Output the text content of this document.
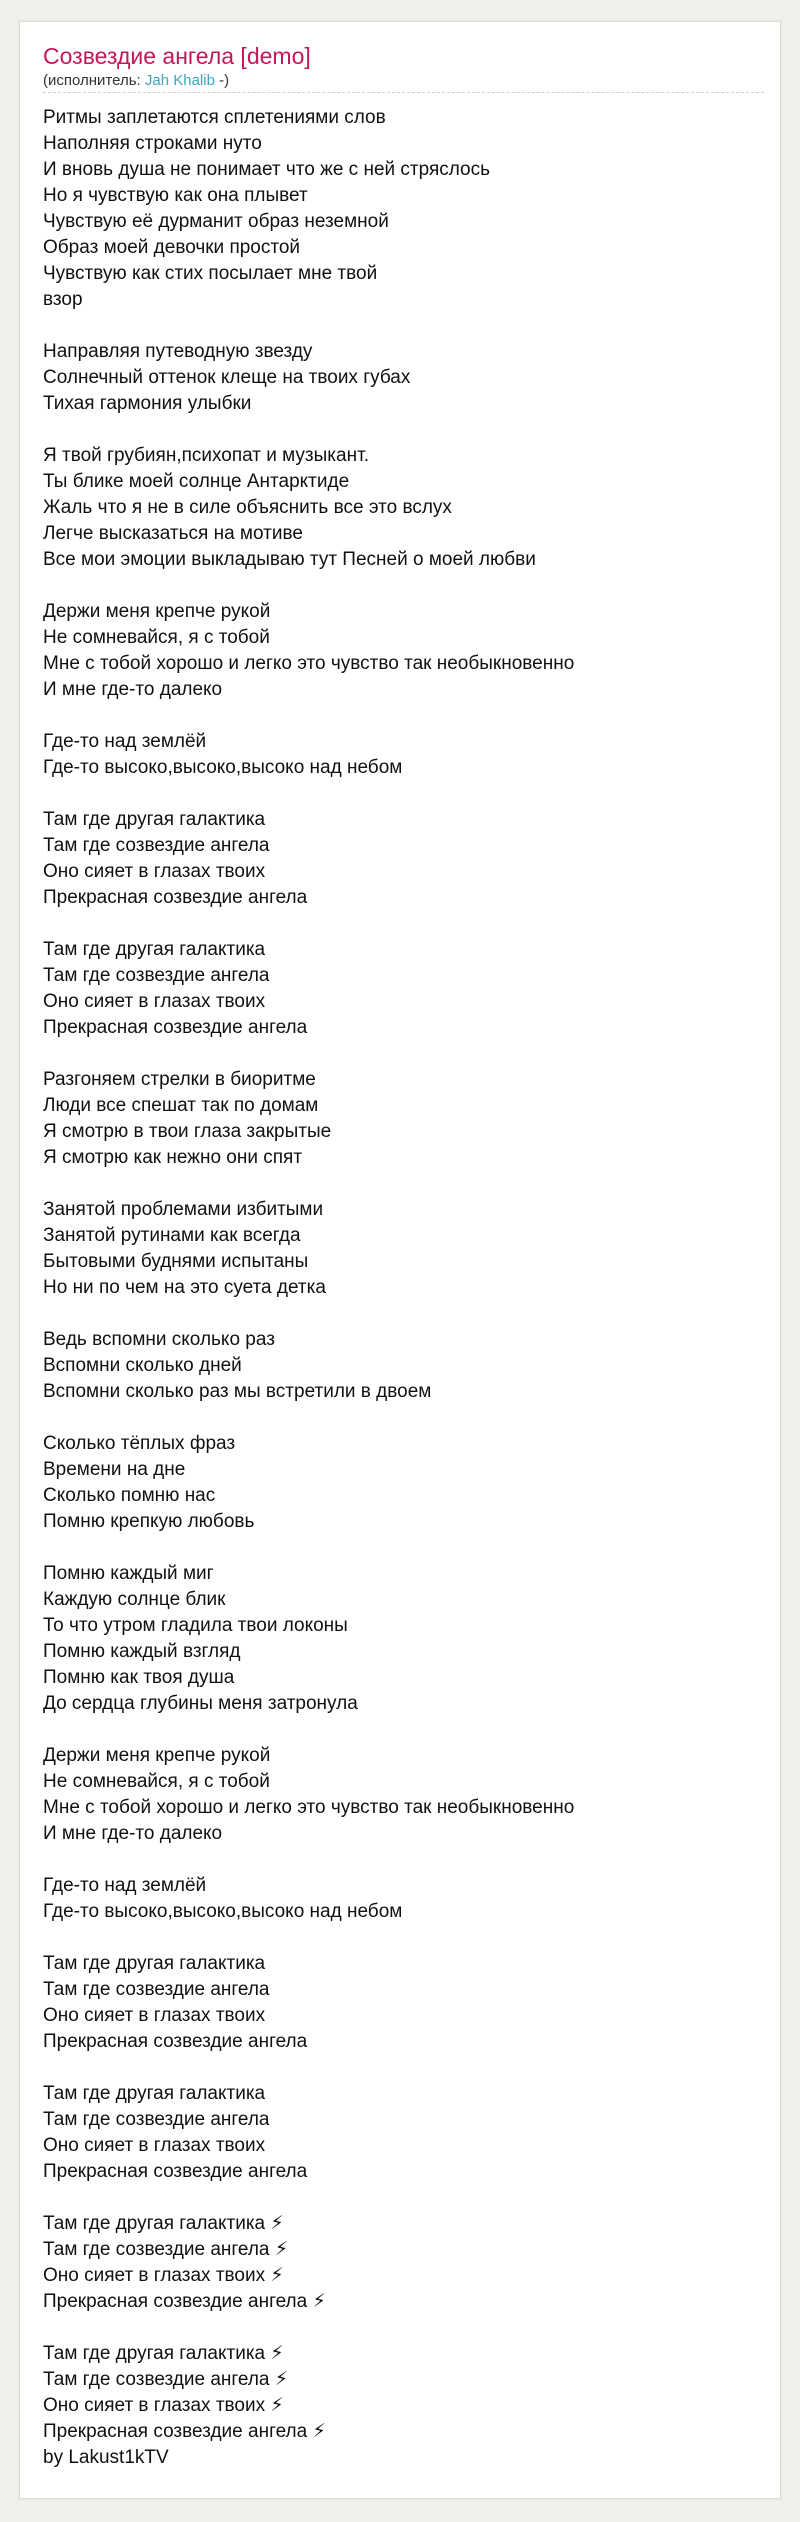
Созвездие ангела [demo]
(исполнитель: Jah Khalib -)
Ритмы заплетаются сплетениями слов
Наполняя строками нуто
И вновь душа не понимает что же с ней стряслось
Но я чувствую как она плывет
Чувствую её дурманит образ неземной
Образ моей девочки простой
Чувствую как стих посылает мне твой
взор
Направляя путеводную звезду
Солнечный оттенок клеще на твоих губах
Тихая гармония улыбки
Я твой грубиян,психопат и музыкант.
Ты блике моей солнце Антарктиде
Жаль что я не в силе объяснить все это вслух
Легче высказаться на мотиве
Все мои эмоции выкладываю тут Песней о моей любви
Держи меня крепче рукой
Не сомневайся, я с тобой
Мне с тобой хорошо и легко это чувство так необыкновенно
И мне где-то далеко
Где-то над землёй
Где-то высоко,высоко,высоко над небом
Там где другая галактика
Там где созвездие ангела
Оно сияет в глазах твоих
Прекрасная созвездие ангела
Там где другая галактика
Там где созвездие ангела
Оно сияет в глазах твоих
Прекрасная созвездие ангела
Разгоняем стрелки в биоритме
Люди все спешат так по домам
Я смотрю в твои глаза закрытые
Я смотрю как нежно они спят
Занятой проблемами избитыми
Занятой рутинами как всегда
Бытовыми буднями испытаны
Но ни по чем на это суета детка
Ведь вспомни сколько раз
Вспомни сколько дней
Вспомни сколько раз мы встретили в двоем
Сколько тёплых фраз
Времени на дне
Сколько помню нас
Помню крепкую любовь
Помню каждый миг
Каждую солнце блик
То что утром гладила твои локоны
Помню каждый взгляд
Помню как твоя душа
До сердца глубины меня затронула
Держи меня крепче рукой
Не сомневайся, я с тобой
Мне с тобой хорошо и легко это чувство так необыкновенно
И мне где-то далеко
Где-то над землёй
Где-то высоко,высоко,высоко над небом
Там где другая галактика
Там где созвездие ангела
Оно сияет в глазах твоих
Прекрасная созвездие ангела
Там где другая галактика
Там где созвездие ангела
Оно сияет в глазах твоих
Прекрасная созвездие ангела
Там где другая галактика ⚡
Там где созвездие ангела ⚡
Оно сияет в глазах твоих ⚡
Прекрасная созвездие ангела ⚡
Там где другая галактика ⚡
Там где созвездие ангела ⚡
Оно сияет в глазах твоих ⚡
Прекрасная созвездие ангела ⚡
by Lakust1kTV
